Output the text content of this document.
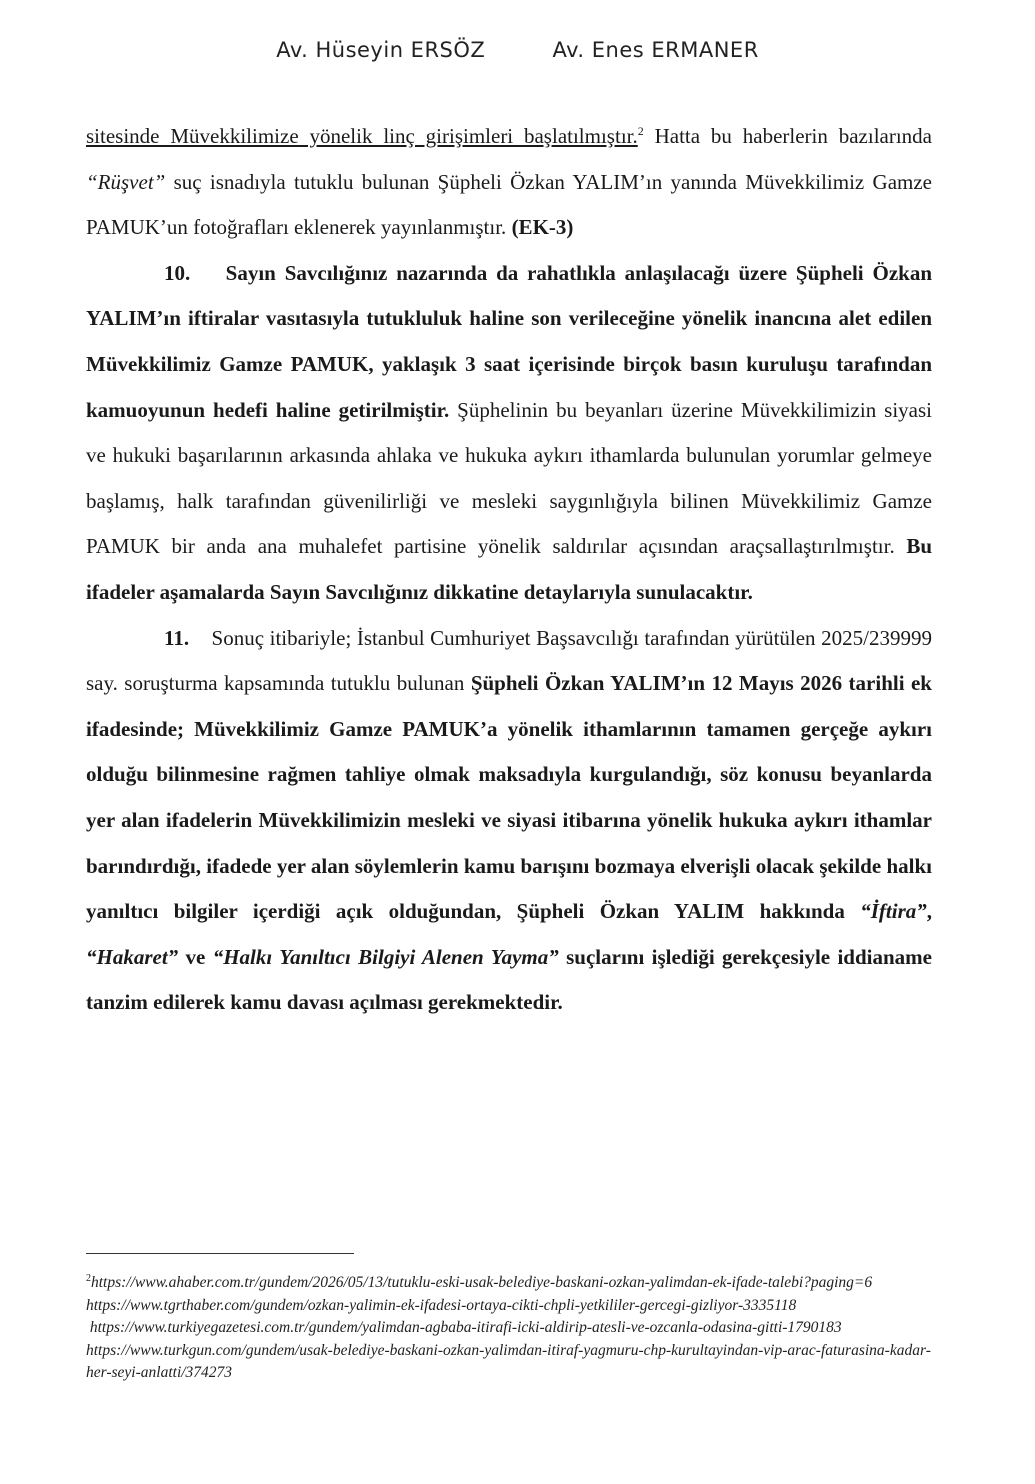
Av. Hüseyin ERSÖZ	Av. Enes ERMANER

sitesinde Müvekkilimize yönelik linç girişimleri başlatılmıştır.$^2$ Hatta bu haberlerin bazılarında “Rüşvet” suç isnadıyla tutuklu bulunan Şüpheli Özkan YALIM’ın yanında Müvekkilimiz Gamze PAMUK’un fotoğrafları eklenerek yayınlanmıştır. (EK-3)

10. Sayın Savcılığınız nazarında da rahatlıkla anlaşılacağı üzere Şüpheli Özkan YALIM’ın iftiralar vasıtasıyla tutukluluk haline son verileceğine yönelik inancına alet edilen Müvekkilimiz Gamze PAMUK, yaklaşık 3 saat içerisinde birçok basın kuruluşu tarafından kamuoyunun hedefi haline getirilmiştir. Şüphelinin bu beyanları üzerine Müvekkilimizin siyasi ve hukuki başarılarının arkasında ahlaka ve hukuka aykırı ithamlarda bulunulan yorumlar gelmeye başlamış, halk tarafından güvenilirliği ve mesleki saygınlığıyla bilinen Müvekkilimiz Gamze PAMUK bir anda ana muhalefet partisine yönelik saldırılar açısından araçsallaştırılmıştır. Bu ifadeler aşamalarda Sayın Savcılığınız dikkatine detaylarıyla sunulacaktır.

11. Sonuç itibariyle; İstanbul Cumhuriyet Başsavcılığı tarafından yürütülen 2025/239999 say. soruşturma kapsamında tutuklu bulunan Şüpheli Özkan YALIM’ın 12 Mayıs 2026 tarihli ek ifadesinde; Müvekkilimiz Gamze PAMUK’a yönelik ithamlarının tamamen gerçeğe aykırı olduğu bilinmesine rağmen tahliye olmak maksadıyla kurgulandığı, söz konusu beyanlarda yer alan ifadelerin Müvekkilimizin mesleki ve siyasi itibarına yönelik hukuka aykırı ithamlar barındırdığı, ifadede yer alan söylemlerin kamu barışını bozmaya elverişli olacak şekilde halkı yanıltıcı bilgiler içerdiği açık olduğundan, Şüpheli Özkan YALIM hakkında “İftira”, “Hakaret” ve “Halkı Yanıltıcı Bilgiyi Alenen Yayma” suçlarını işlediği gerekçesiyle iddianame tanzim edilerek kamu davası açılması gerekmektedir.

$^2$https://www.ahaber.com.tr/gundem/2026/05/13/tutuklu-eski-usak-belediye-baskani-ozkan-yalimdan-ek-ifade-talebi?paging=6
https://www.tgrthaber.com/gundem/ozkan-yalimin-ek-ifadesi-ortaya-cikti-chpli-yetkililer-gercegi-gizliyor-3335118
https://www.turkiyegazetesi.com.tr/gundem/yalimdan-agbaba-itirafi-icki-aldirip-atesli-ve-ozcanla-odasina-gitti-1790183
https://www.turkgun.com/gundem/usak-belediye-baskani-ozkan-yalimdan-itiraf-yagmuru-chp-kurultayindan-vip-arac-faturasina-kadar-her-seyi-anlatti/374273
